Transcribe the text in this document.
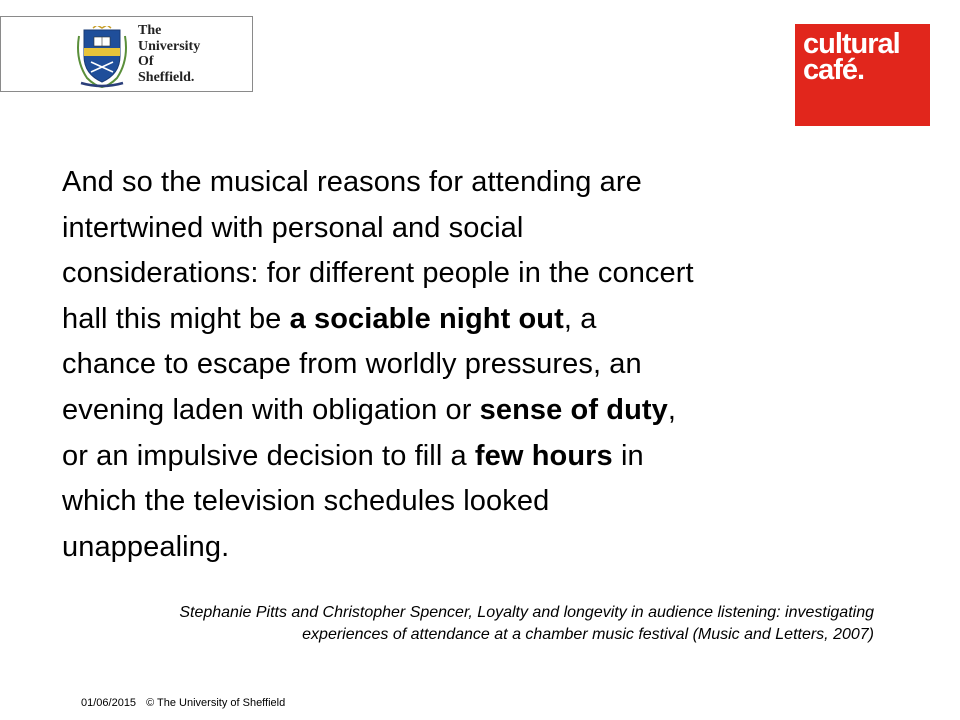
The
University
Of
Sheffield.
cultural
café.

And so the musical reasons for attending are
intertwined with personal and social
considerations: for different people in the concert
hall this might be a sociable night out, a
chance to escape from worldly pressures, an
evening laden with obligation or sense of duty,
or an impulsive decision to fill a few hours in
which the television schedules looked
unappealing.

Stephanie Pitts and Christopher Spencer, Loyalty and longevity in audience listening: investigating
experiences of attendance at a chamber music festival (Music and Letters, 2007)

01/06/2015 © The University of Sheffield
